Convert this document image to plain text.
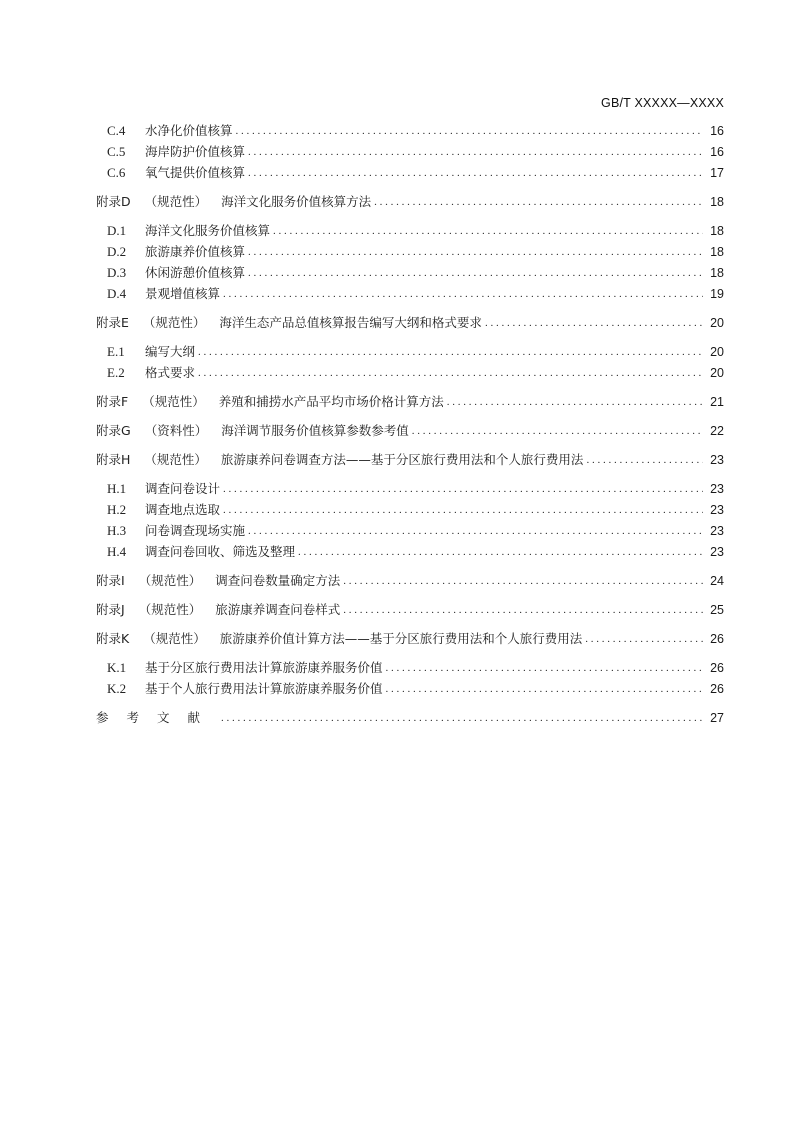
GB/T XXXXX—XXXX
C.4	水净化价值核算 . . .	16
C.5	海岸防护价值核算 . . .	16
C.6	氧气提供价值核算 . . .	17
附录D （规范性） 海洋文化服务价值核算方法 . . .	18
D.1	海洋文化服务价值核算 . . .	18
D.2	旅游康养价值核算 . . .	18
D.3	休闲游憩价值核算 . . .	18
D.4	景观增值核算 . . .	19
附录E （规范性） 海洋生态产品总值核算报告编写大纲和格式要求 . . .	20
E.1	编写大纲 . . .	20
E.2	格式要求 . . .	20
附录F （规范性） 养殖和捕捞水产品平均市场价格计算方法 . . .	21
附录G （资料性） 海洋调节服务价值核算参数参考值 . . .	22
附录H （规范性） 旅游康养问卷调查方法——基于分区旅行费用法和个人旅行费用法 . . .	23
H.1	调查问卷设计 . . .	23
H.2	调查地点选取 . . .	23
H.3	问卷调查现场实施 . . .	23
H.4	调查问卷回收、筛选及整理 . . .	23
附录I （规范性） 调查问卷数量确定方法 . . .	24
附录J （规范性） 旅游康养调查问卷样式 . . .	25
附录K （规范性） 旅游康养价值计算方法——基于分区旅行费用法和个人旅行费用法 . . .	26
K.1	基于分区旅行费用法计算旅游康养服务价值 . . .	26
K.2	基于个人旅行费用法计算旅游康养服务价值 . . .	26
参考文献 . . .	27
